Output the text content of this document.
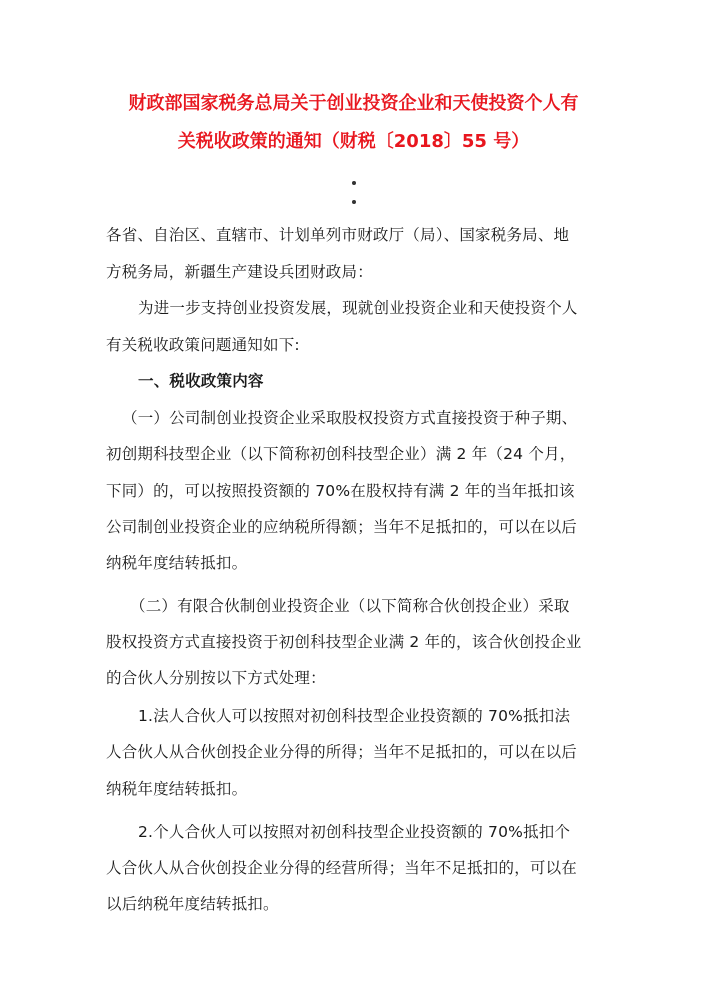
财政部国家税务总局关于创业投资企业和天使投资个人有
关税收政策的通知（财税〔2018〕55 号）
各省、自治区、直辖市、计划单列市财政厅（局）、国家税务局、地
方税务局，新疆生产建设兵团财政局：
为进一步支持创业投资发展，现就创业投资企业和天使投资个人
有关税收政策问题通知如下:
一、税收政策内容
（一）公司制创业投资企业采取股权投资方式直接投资于种子期、
初创期科技型企业（以下简称初创科技型企业）满 2 年（24 个月，
下同）的，可以按照投资额的 70%在股权持有满 2 年的当年抵扣该
公司制创业投资企业的应纳税所得额；当年不足抵扣的，可以在以后
纳税年度结转抵扣。
（二）有限合伙制创业投资企业（以下简称合伙创投企业）采取
股权投资方式直接投资于初创科技型企业满 2 年的，该合伙创投企业
的合伙人分别按以下方式处理：
1.法人合伙人可以按照对初创科技型企业投资额的 70%抵扣法
人合伙人从合伙创投企业分得的所得；当年不足抵扣的，可以在以后
纳税年度结转抵扣。
2.个人合伙人可以按照对初创科技型企业投资额的 70%抵扣个
人合伙人从合伙创投企业分得的经营所得；当年不足抵扣的，可以在
以后纳税年度结转抵扣。
